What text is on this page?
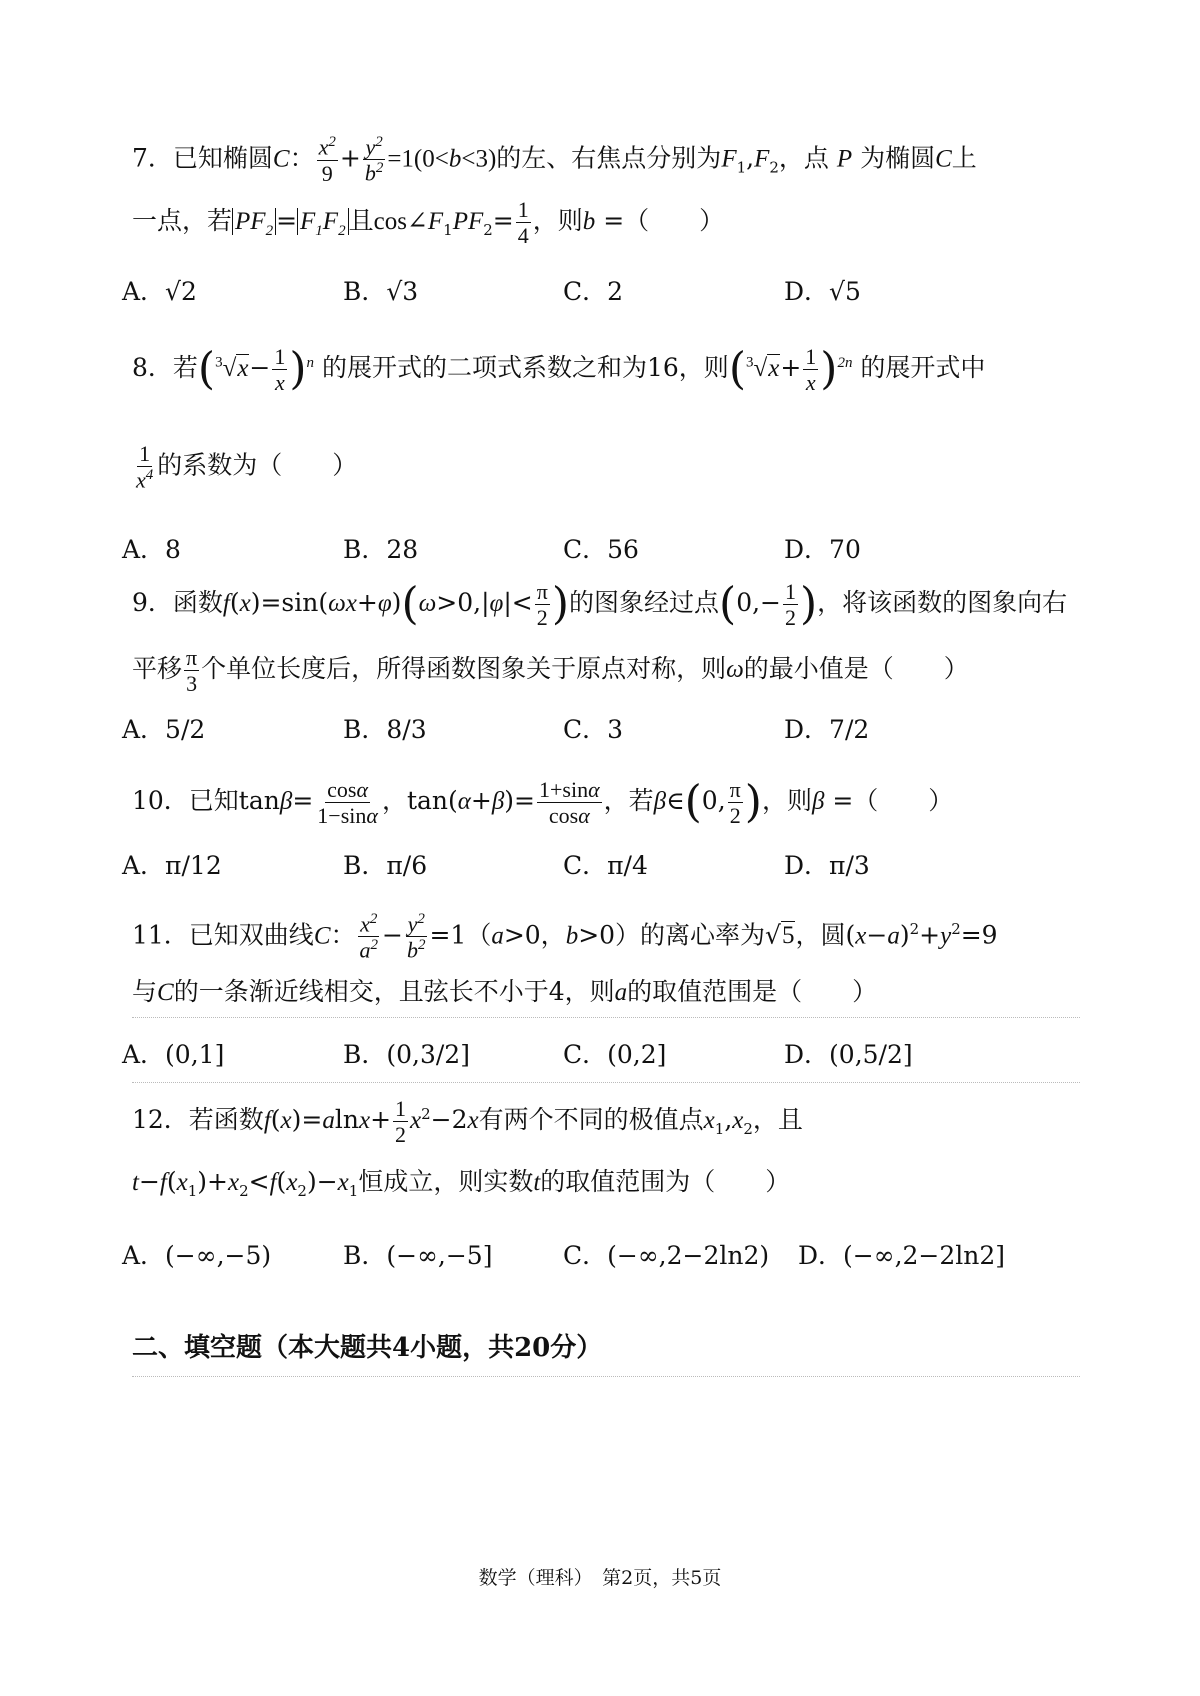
7．已知椭圆C： $\frac{x^2}{9} + \frac{y^2}{b^2} =1(0<b<3)$的左、右焦点分别为$F_1,F_2$，点 P 为椭圆C上
一点，若 $PF_2 = F_1F_2$ 且$\cos\angle F_1PF_2= \frac{1}{4}$ ，则b =（　　）
A．√2	B．√3	C．2	D．√5
8．若$(^3√x- \frac{1}{x} )^n$ 的展开式的二项式系数之和为16，则$(^3√x+ \frac{1}{x} )^{2n}$ 的展开式中
$\frac{1}{x^4}$ 的系数为（　　）
A．8	B．28	C．56	D．70
9．函数$f(x)=\sin(\omega x+\varphi)(\omega>0,|\varphi|< \frac{\pi}{2}$ )的图象经过点($0,- \frac{1}{2}$ )，将该函数的图象向右
平移 $\frac{\pi}{3}$ 个单位长度后，所得函数图象关于原点对称，则ω的最小值是（　　）
A．5/2	B．8/3	C．3	D．7/2
10．已知$\tan\beta= \frac{\cos\alpha}{1-\sin\alpha}$ ，$\tan(\alpha+\beta)= \frac{1+\sin\alpha}{\cos\alpha}$ ，若β∈(0, $\frac{\pi}{2}$ )，则β =（　　）
A．π/12	B．π/6	C．π/4	D．π/3
11．已知双曲线C： $\frac{x^2}{a^2} - \frac{y^2}{b^2} =1(a>0$，b>0）的离心率为√5，圆$(x-a)^2+y^2=9$
与C的一条渐近线相交，且弦长不小于4，则a的取值范围是（　　）
A．(0,1]	B．(0,3/2]	C．(0,2]	D．(0,5/2]
12．若函数$f(x)=alnx+ \frac{1}{2} x^2-2x$有两个不同的极值点$x_1,x_2$，且
$t-f(x_1)+x_2<f(x_2)-x_1$恒成立，则实数t的取值范围为（　　）
A．(−∞,−5)	B．(−∞,−5]	C．(−∞,2−2ln2) D．(−∞,2−2ln2]
二、填空题（本大题共4小题，共20分）
数学（理科）　第2页，共5页
